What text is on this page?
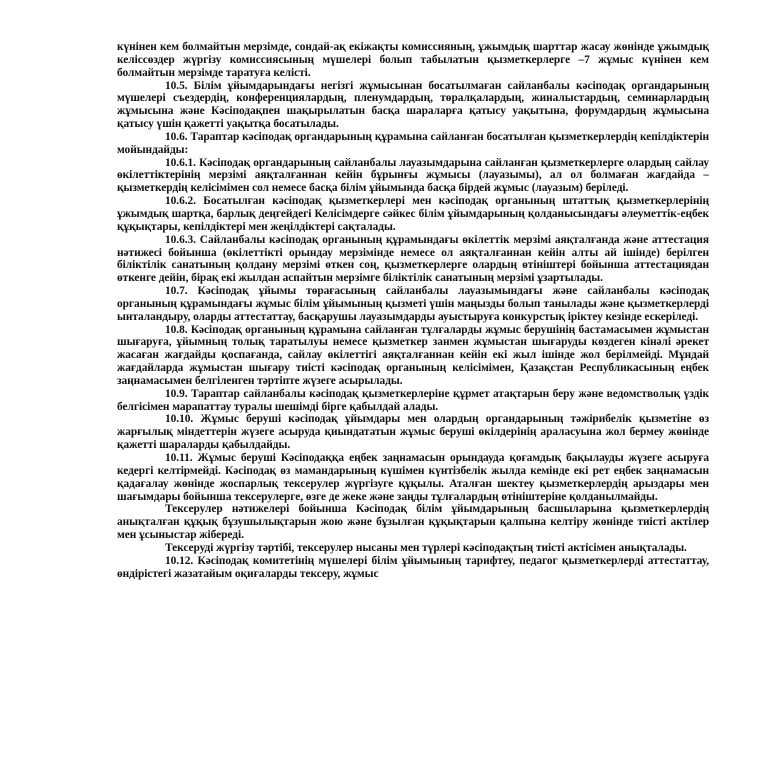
күнінен кем болмайтын мерзімде, сондай-ақ екіжақты комиссияның, ұжымдық шарттар жасау жөнінде ұжымдық келіссөздер жүргізу комиссиясының мүшелері болып табылатын қызметкерлерге –7 жұмыс күнінен кем болмайтын мерзімде таратуға келісті.

10.5. Білім ұйымдарындағы негізгі жұмысынан босатылмаған сайланбалы кәсіподақ органдарының мүшелері съездердің, конференциялардың, пленумдардың, төралқалардың, жиналыстардың, семинарлардың жұмысына және Кәсіподақпен шақырылатын басқа шараларға қатысу уақытына, форумдардың жұмысына қатысу үшін қажетті уақытқа босатылады.

10.6. Тараптар кәсіподақ органдарының құрамына сайланған босатылған қызметкерлердің кепілдіктерін мойындайды:

10.6.1. Кәсіподақ органдарының сайланбалы лауазымдарына сайланған қызметкерлерге олардың сайлау өкілеттіктерінің мерзімі аяқталғаннан кейін бұрынғы жұмысы (лауазымы), ал ол болмаған жағдайда – қызметкердің келісімімен сол немесе басқа білім ұйымында басқа бірдей жұмыс (лауазым) беріледі.

10.6.2. Босатылған кәсіподақ қызметкерлері мен кәсіподақ органының штаттық қызметкерлерінің ұжымдық шартқа, барлық деңгейдегі Келісімдерге сәйкес білім ұйымдарының қолданысындағы әлеуметтік-еңбек құқықтары, кепілдіктері мен жеңілдіктері сақталады.

10.6.3. Сайланбалы кәсіподақ органының құрамындағы өкілеттік мерзімі аяқталғанда және аттестация нәтижесі бойынша (өкілеттікті орындау мерзімінде немесе ол аяқталғаннан кейін алты ай ішінде) берілген біліктілік санатының қолдану мерзімі өткен соң, қызметкерлерге олардың өтініштері бойынша аттестациядан өткенге дейін, бірақ екі жылдан аспайтын мерзімге біліктілік санатының мерзімі ұзартылады.

10.7. Кәсіподақ ұйымы төрағасының сайланбалы лауазымындағы және сайланбалы кәсіподақ органының құрамындағы жұмыс білім ұйымының қызметі үшін маңызды болып танылады және қызметкерлерді ынталандыру, оларды аттестаттау, басқарушы лауазымдарды ауыстыруға конкурстық іріктеу кезінде ескеріледі.

10.8. Кәсіподақ органының құрамына сайланған тұлғаларды жұмыс берушінің бастамасымен жұмыстан шығаруға, ұйымның толық таратылуы немесе қызметкер занмен жұмыстан шығаруды көздеген кінәлі әрекет жасаған жағдайды қоспағанда, сайлау өкілеттігі аяқталғаннан кейін екі жыл ішінде жол берілмейді. Мұндай жағдайларда жұмыстан шығару тиісті кәсіподақ органының келісімімен, Қазақстан Республикасының еңбек заңнамасымен белгіленген тәртіпте жүзеге асырылады.

10.9. Тараптар сайланбалы кәсіподақ қызметкерлеріне құрмет атақтарын беру және ведомстволық үздік белгісімен марапаттау туралы шешімді бірге қабылдай алады.

10.10. Жұмыс беруші кәсіподақ ұйымдары мен олардың органдарының тәжірибелік қызметіне өз жарғылық міндеттерін жүзеге асыруда қиындататын жұмыс беруші өкілдерінің араласуына жол бермеу жөнінде қажетті шараларды қабылдайды.

10.11. Жұмыс беруші Кәсіподаққа еңбек заңнамасын орындауда қоғамдық бақылауды жүзеге асыруға кедергі келтірмейді. Кәсіподақ өз мамандарының күшімен күнтізбелік жылда кемінде екі рет еңбек заңнамасын қадағалау жөнінде жоспарлық тексерулер жүргізуге құқылы. Аталған шектеу қызметкерлердің арыздары мен шағымдары бойынша тексерулерге, өзге де жеке және заңды тұлғалардың өтініштеріне қолданылмайды.

Тексерулер нәтижелері бойынша Кәсіподақ білім ұйымдарының басшыларына қызметкерлердің анықталған құқық бұзушылықтарын жою және бұзылған құқықтарын қалпына келтіру жөнінде тиісті актілер мен ұсыныстар жібереді.

Тексеруді жүргізу тәртібі, тексерулер нысаны мен түрлері кәсіподақтың тиісті актісімен анықталады.

10.12. Кәсіподақ комитетінің мүшелері білім ұйымының тарифтеу, педагог қызметкерлерді аттестаттау, өндірістегі жазатайым оқиғаларды тексеру, жұмыс
